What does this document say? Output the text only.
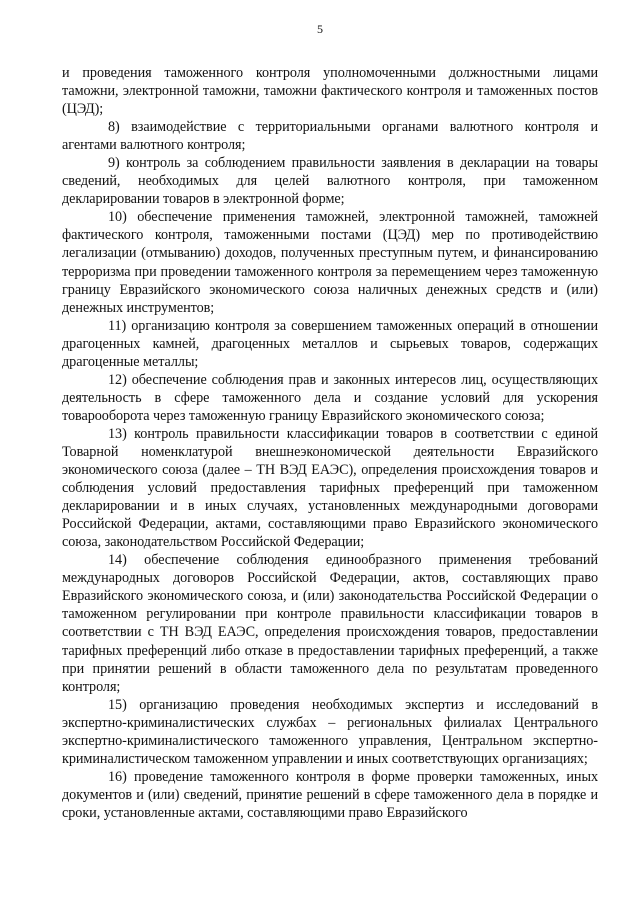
5

и проведения таможенного контроля уполномоченными должностными лицами таможни, электронной таможни, таможни фактического контроля и таможенных постов (ЦЭД);

8) взаимодействие с территориальными органами валютного контроля и агентами валютного контроля;

9) контроль за соблюдением правильности заявления в декларации на товары сведений, необходимых для целей валютного контроля, при таможенном декларировании товаров в электронной форме;

10) обеспечение применения таможней, электронной таможней, таможней фактического контроля, таможенными постами (ЦЭД) мер по противодействию легализации (отмыванию) доходов, полученных преступным путем, и финансированию терроризма при проведении таможенного контроля за перемещением через таможенную границу Евразийского экономического союза наличных денежных средств и (или) денежных инструментов;

11) организацию контроля за совершением таможенных операций в отношении драгоценных камней, драгоценных металлов и сырьевых товаров, содержащих драгоценные металлы;

12) обеспечение соблюдения прав и законных интересов лиц, осуществляющих деятельность в сфере таможенного дела и создание условий для ускорения товарооборота через таможенную границу Евразийского экономического союза;

13) контроль правильности классификации товаров в соответствии с единой Товарной номенклатурой внешнеэкономической деятельности Евразийского экономического союза (далее – ТН ВЭД ЕАЭС), определения происхождения товаров и соблюдения условий предоставления тарифных преференций при таможенном декларировании и в иных случаях, установленных международными договорами Российской Федерации, актами, составляющими право Евразийского экономического союза, законодательством Российской Федерации;

14) обеспечение соблюдения единообразного применения требований международных договоров Российской Федерации, актов, составляющих право Евразийского экономического союза, и (или) законодательства Российской Федерации о таможенном регулировании при контроле правильности классификации товаров в соответствии с ТН ВЭД ЕАЭС, определения происхождения товаров, предоставлении тарифных преференций либо отказе в предоставлении тарифных преференций, а также при принятии решений в области таможенного дела по результатам проведенного контроля;

15) организацию проведения необходимых экспертиз и исследований в экспертно-криминалистических службах – региональных филиалах Центрального экспертно-криминалистического таможенного управления, Центральном экспертно-криминалистическом таможенном управлении и иных соответствующих организациях;

16) проведение таможенного контроля в форме проверки таможенных, иных документов и (или) сведений, принятие решений в сфере таможенного дела в порядке и сроки, установленные актами, составляющими право Евразийского
